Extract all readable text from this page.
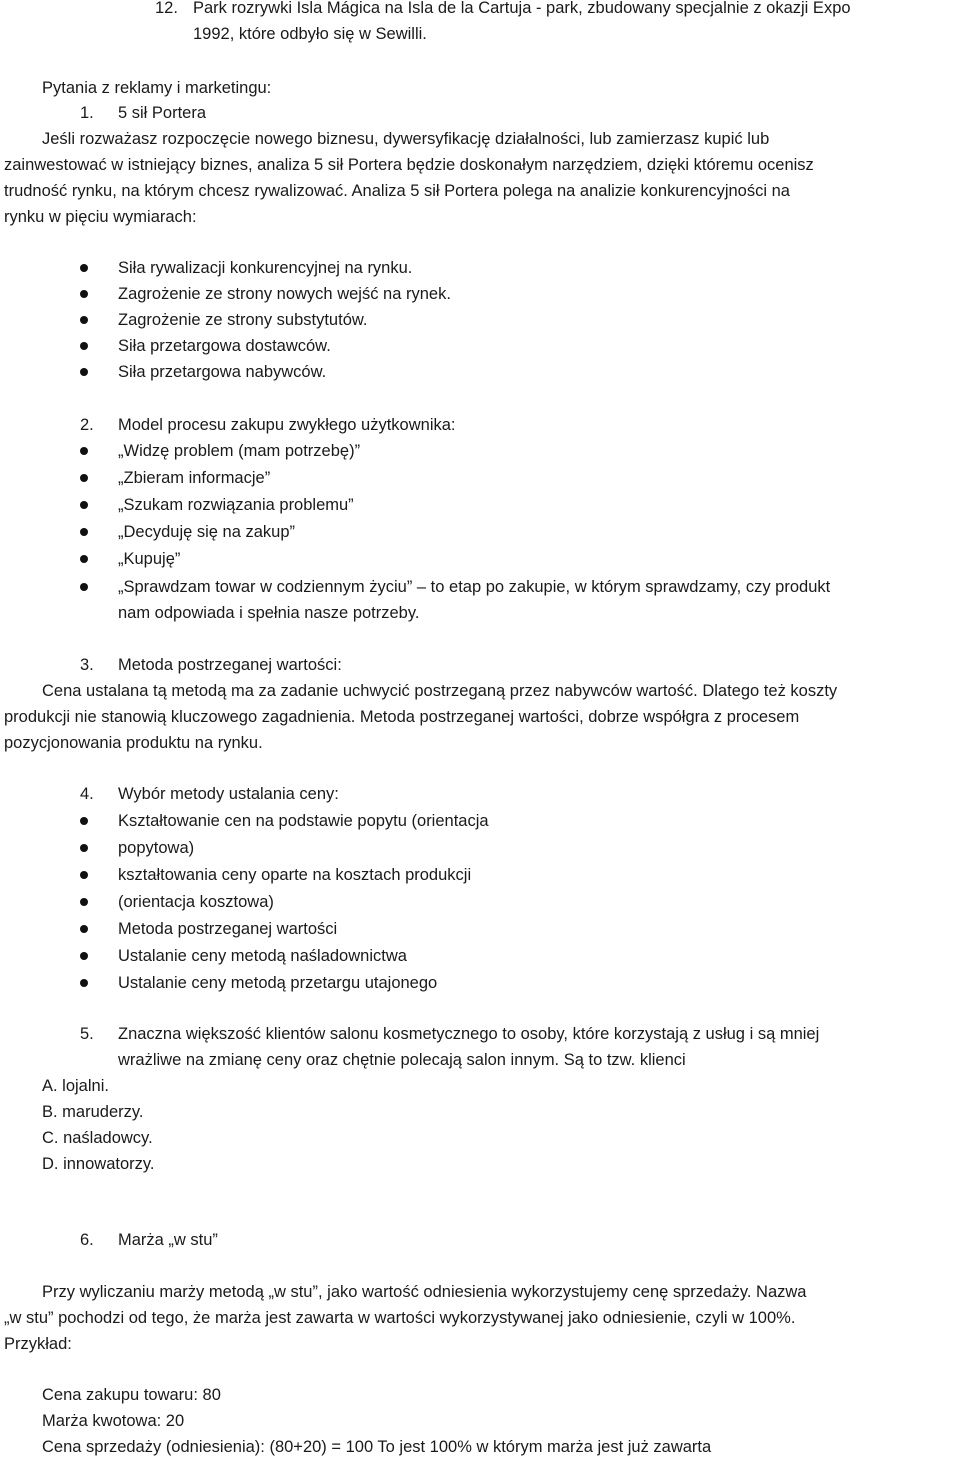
12. Park rozrywki Isla Mágica na Isla de la Cartuja - park, zbudowany specjalnie z okazji Expo
1992, które odbyło się w Sewilli.
Pytania z reklamy i marketingu:
1. 5 sił Portera
Jeśli rozważasz rozpoczęcie nowego biznesu, dywersyfikację działalności, lub zamierzasz kupić lub
zainwestować w istniejący biznes, analiza 5 sił Portera będzie doskonałym narzędziem, dzięki któremu ocenisz
trudność rynku, na którym chcesz rywalizować. Analiza 5 sił Portera polega na analizie konkurencyjności na
rynku w pięciu wymiarach:
Siła rywalizacji konkurencyjnej na rynku.
Zagrożenie ze strony nowych wejść na rynek.
Zagrożenie ze strony substytutów.
Siła przetargowa dostawców.
Siła przetargowa nabywców.
2. Model procesu zakupu zwykłego użytkownika:
„Widzę problem (mam potrzebę)”
„Zbieram informacje”
„Szukam rozwiązania problemu”
„Decyduję się na zakup”
„Kupuję”
„Sprawdzam towar w codziennym życiu” – to etap po zakupie, w którym sprawdzamy, czy produkt
nam odpowiada i spełnia nasze potrzeby.
3. Metoda postrzeganej wartości:
Cena ustalana tą metodą ma za zadanie uchwycić postrzeganą przez nabywców wartość. Dlatego też koszty
produkcji nie stanowią kluczowego zagadnienia. Metoda postrzeganej wartości, dobrze współgra z procesem
pozycjonowania produktu na rynku.
4. Wybór metody ustalania ceny:
Kształtowanie cen na podstawie popytu (orientacja
popytowa)
kształtowania ceny oparte na kosztach produkcji
(orientacja kosztowa)
Metoda postrzeganej wartości
Ustalanie ceny metodą naśladownictwa
Ustalanie ceny metodą przetargu utajonego
5. Znaczna większość klientów salonu kosmetycznego to osoby, które korzystają z usług i są mniej
wrażliwe na zmianę ceny oraz chętnie polecają salon innym. Są to tzw. klienci
A. lojalni.
B. maruderzy.
C. naśladowcy.
D. innowatorzy.
6. Marża „w stu”
Przy wyliczaniu marży metodą „w stu”, jako wartość odniesienia wykorzystujemy cenę sprzedaży. Nazwa
„w stu” pochodzi od tego, że marża jest zawarta w wartości wykorzystywanej jako odniesienie, czyli w 100%.
Przykład:
Cena zakupu towaru: 80
Marża kwotowa: 20
Cena sprzedaży (odniesienia): (80+20) = 100 To jest 100% w którym marża jest już zawarta
